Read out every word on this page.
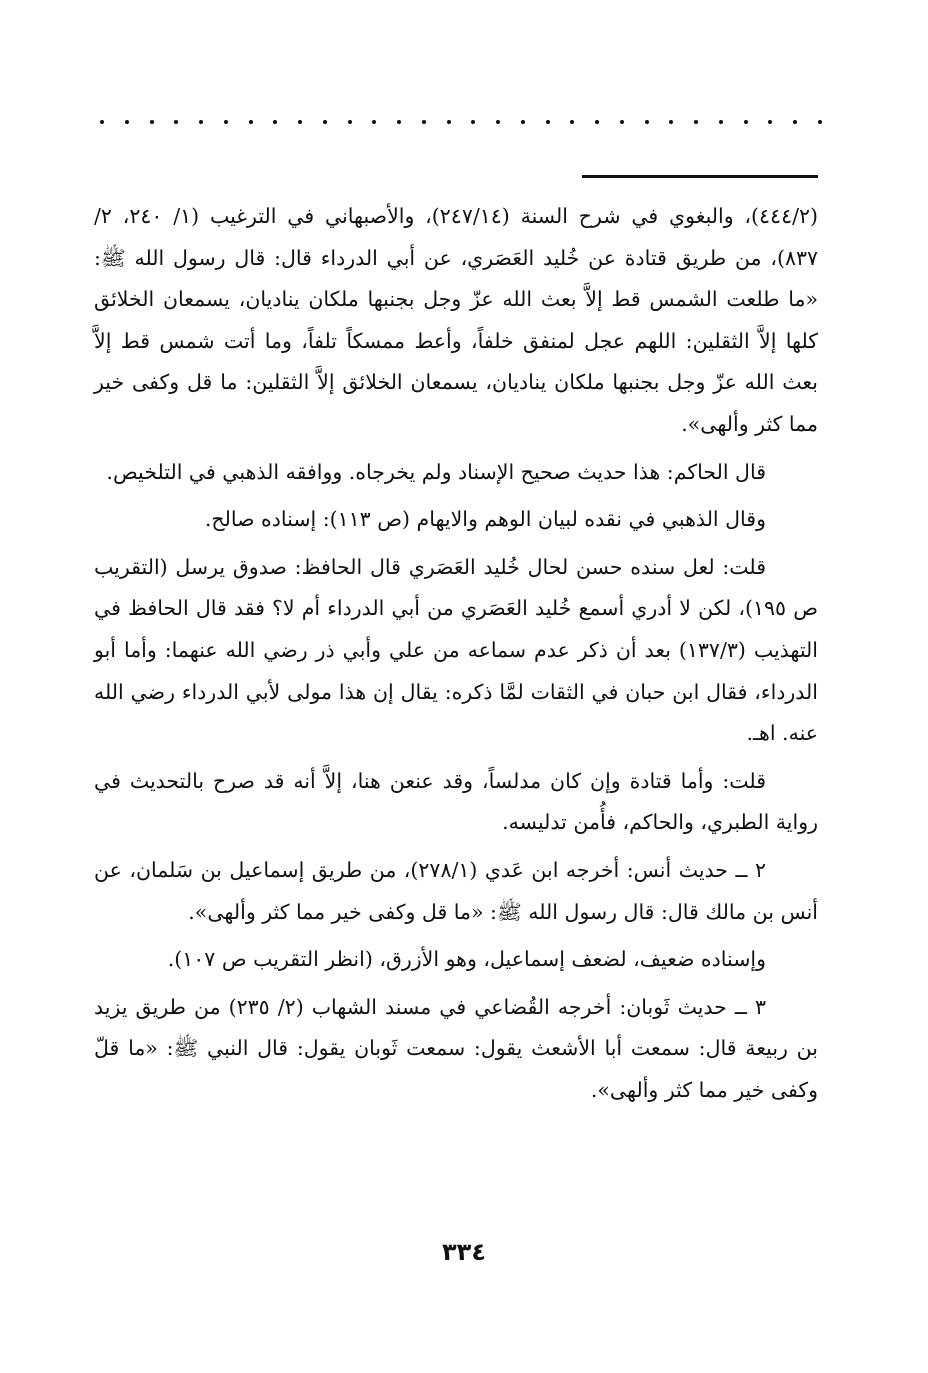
(٤٤٤/٢)، والبغوي في شرح السنة (٢٤٧/١٤)، والأصبهاني في الترغيب (١/ ٢٤٠، ٢/ ٨٣٧)، من طريق قتادة عن خُليد العَصَري، عن أبي الدرداء قال: قال رسول الله ﷺ: «ما طلعت الشمس قط إلاَّ بعث الله عزّ وجل بجنبها ملكان يناديان، يسمعان الخلائق كلها إلاَّ الثقلين: اللهم عجل لمنفق خلفاً، وأعط ممسكاً تلفاً، وما أتت شمس قط إلاَّ بعث الله عزّ وجل بجنبها ملكان يناديان، يسمعان الخلائق إلاَّ الثقلين: ما قل وكفى خير مما كثر وألهى».

قال الحاكم: هذا حديث صحيح الإسناد ولم يخرجاه. ووافقه الذهبي في التلخيص.

وقال الذهبي في نقده لبيان الوهم والايهام (ص ١١٣): إسناده صالح.

قلت: لعل سنده حسن لحال خُليد العَصَري قال الحافظ: صدوق يرسل (التقريب ص ١٩٥)، لكن لا أدري أسمع خُليد العَصَري من أبي الدرداء أم لا؟ فقد قال الحافظ في التهذيب (١٣٧/٣) بعد أن ذكر عدم سماعه من علي وأبي ذر رضي الله عنهما: وأما أبو الدرداء، فقال ابن حبان في الثقات لمَّا ذكره: يقال إن هذا مولى لأبي الدرداء رضي الله عنه. اهـ.

قلت: وأما قتادة وإن كان مدلساً، وقد عنعن هنا، إلاَّ أنه قد صرح بالتحديث في رواية الطبري، والحاكم، فأُمن تدليسه.

٢ ــ حديث أنس: أخرجه ابن عَدي (٢٧٨/١)، من طريق إسماعيل بن سَلمان، عن أنس بن مالك قال: قال رسول الله ﷺ: «ما قل وكفى خير مما كثر وألهى».

وإسناده ضعيف، لضعف إسماعيل، وهو الأزرق، (انظر التقريب ص ١٠٧).

٣ ــ حديث ثَوبان: أخرجه القُضاعي في مسند الشهاب (٢/ ٢٣٥) من طريق يزيد بن ربيعة قال: سمعت أبا الأشعث يقول: سمعت ثَوبان يقول: قال النبي ﷺ: «ما قلّ وكفى خير مما كثر وألهى».

٣٣٤
